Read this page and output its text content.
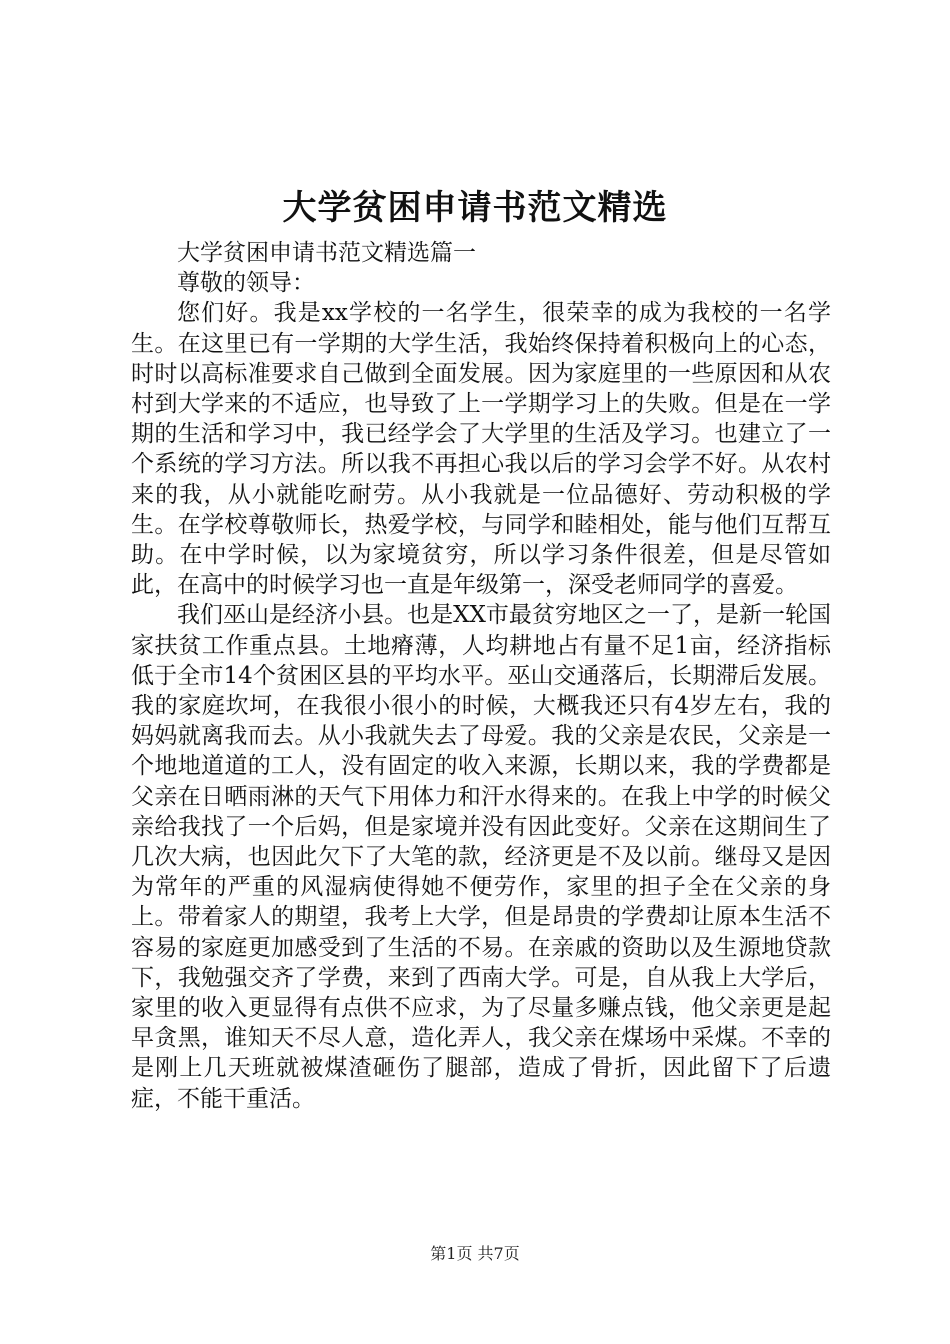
大学贫困申请书范文精选

大学贫困申请书范文精选篇一

尊敬的领导：

您们好。我是xx学校的一名学生，很荣幸的成为我校的一名学生。在这里已有一学期的大学生活，我始终保持着积极向上的心态，时时以高标准要求自己做到全面发展。因为家庭里的一些原因和从农村到大学来的不适应，也导致了上一学期学习上的失败。但是在一学期的生活和学习中，我已经学会了大学里的生活及学习。也建立了一个系统的学习方法。所以我不再担心我以后的学习会学不好。从农村来的我，从小就能吃耐劳。从小我就是一位品德好、劳动积极的学生。在学校尊敬师长，热爱学校，与同学和睦相处，能与他们互帮互助。在中学时候，以为家境贫穷，所以学习条件很差，但是尽管如此，在高中的时候学习也一直是年级第一，深受老师同学的喜爱。

我们巫山是经济小县。也是XX市最贫穷地区之一了，是新一轮国家扶贫工作重点县。土地瘠薄，人均耕地占有量不足1亩，经济指标低于全市14个贫困区县的平均水平。巫山交通落后，长期滞后发展。我的家庭坎坷，在我很小很小的时候，大概我还只有4岁左右，我的妈妈就离我而去。从小我就失去了母爱。我的父亲是农民，父亲是一个地地道道的工人，没有固定的收入来源，长期以来，我的学费都是父亲在日晒雨淋的天气下用体力和汗水得来的。在我上中学的时候父亲给我找了一个后妈，但是家境并没有因此变好。父亲在这期间生了几次大病，也因此欠下了大笔的款，经济更是不及以前。继母又是因为常年的严重的风湿病使得她不便劳作，家里的担子全在父亲的身上。带着家人的期望，我考上大学，但是昂贵的学费却让原本生活不容易的家庭更加感受到了生活的不易。在亲戚的资助以及生源地贷款下，我勉强交齐了学费，来到了西南大学。可是，自从我上大学后，家里的收入更显得有点供不应求，为了尽量多赚点钱，他父亲更是起早贪黑，谁知天不尽人意，造化弄人，我父亲在煤场中采煤。不幸的是刚上几天班就被煤渣砸伤了腿部，造成了骨折，因此留下了后遗症，不能干重活。

第1页 共7页
